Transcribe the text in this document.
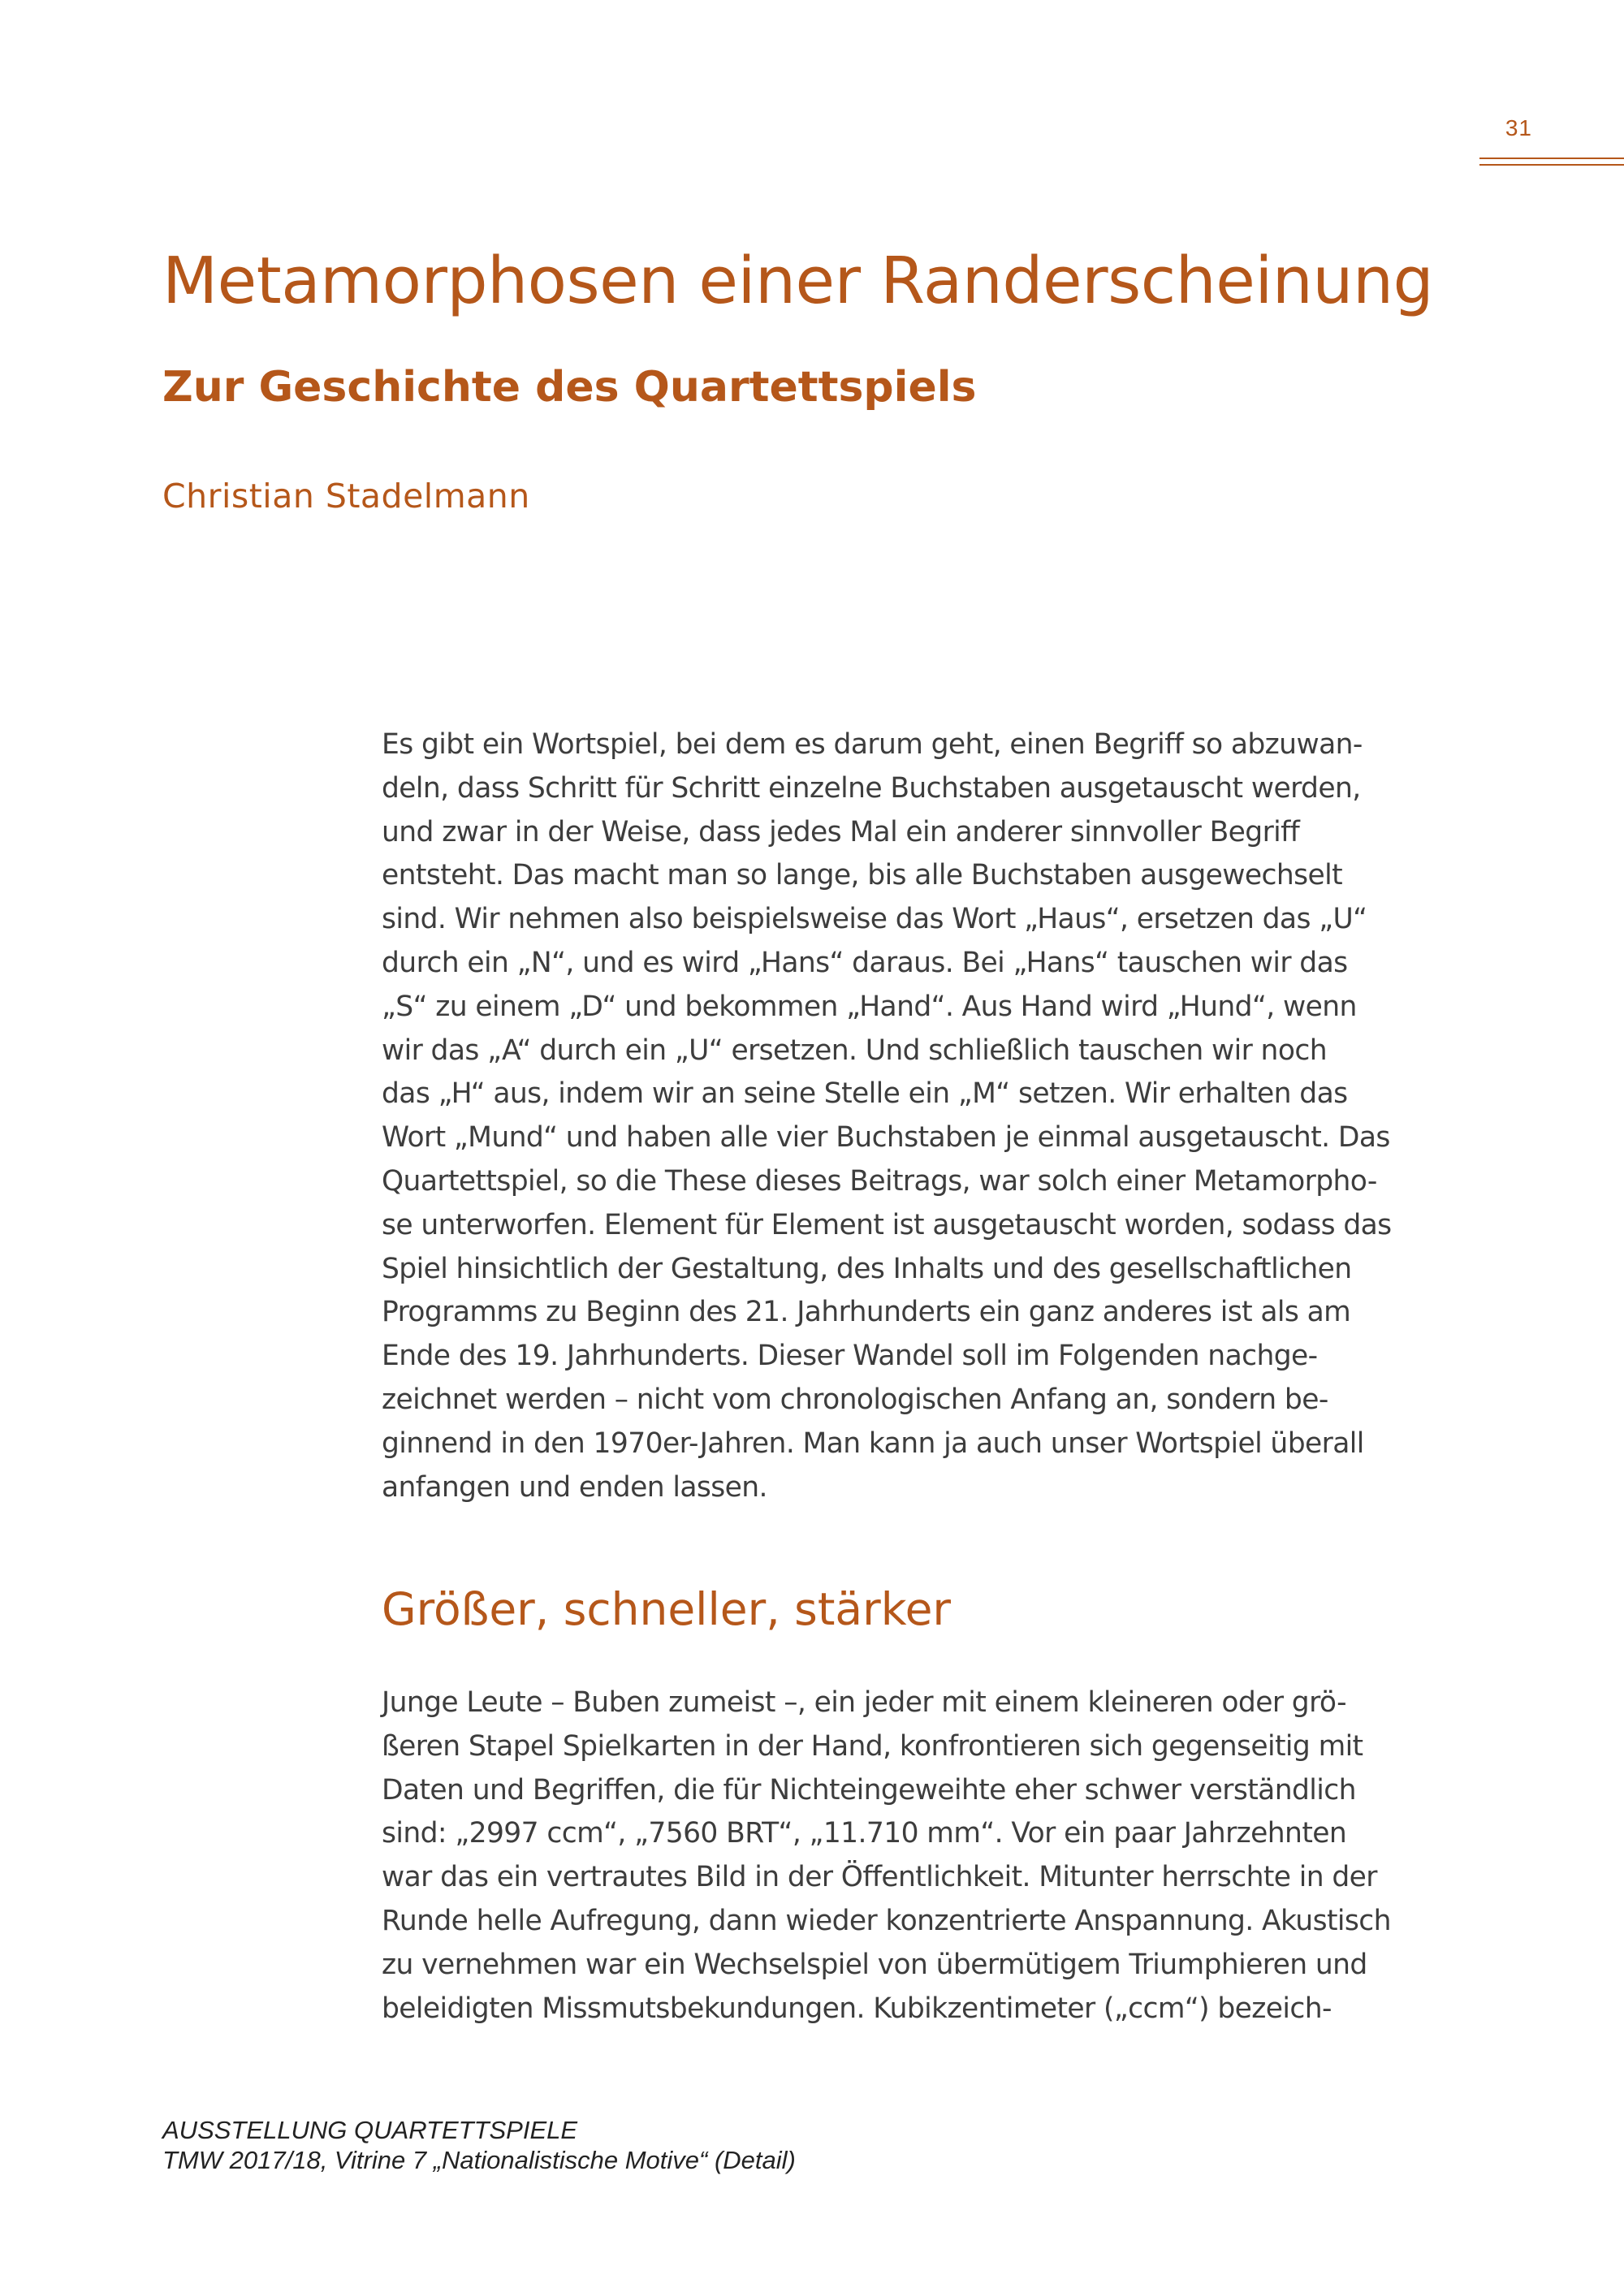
31
Metamorphosen einer Randerscheinung
Zur Geschichte des Quartettspiels
Christian Stadelmann
Es gibt ein Wortspiel, bei dem es darum geht, einen Begriff so abzuwan-
deln, dass Schritt für Schritt einzelne Buchstaben ausgetauscht werden,
und zwar in der Weise, dass jedes Mal ein anderer sinnvoller Begriff
entsteht. Das macht man so lange, bis alle Buchstaben ausgewechselt
sind. Wir nehmen also beispielsweise das Wort „Haus“, ersetzen das „U“
durch ein „N“, und es wird „Hans“ daraus. Bei „Hans“ tauschen wir das
„S“ zu einem „D“ und bekommen „Hand“. Aus Hand wird „Hund“, wenn
wir das „A“ durch ein „U“ ersetzen. Und schließlich tauschen wir noch
das „H“ aus, indem wir an seine Stelle ein „M“ setzen. Wir erhalten das
Wort „Mund“ und haben alle vier Buchstaben je einmal ausgetauscht. Das
Quartettspiel, so die These dieses Beitrags, war solch einer Metamorpho-
se unterworfen. Element für Element ist ausgetauscht worden, sodass das
Spiel hinsichtlich der Gestaltung, des Inhalts und des gesellschaftlichen
Programms zu Beginn des 21. Jahrhunderts ein ganz anderes ist als am
Ende des 19. Jahrhunderts. Dieser Wandel soll im Folgenden nachge-
zeichnet werden – nicht vom chronologischen Anfang an, sondern be-
ginnend in den 1970er-Jahren. Man kann ja auch unser Wortspiel überall
anfangen und enden lassen.
Größer, schneller, stärker
Junge Leute – Buben zumeist –, ein jeder mit einem kleineren oder grö-
ßeren Stapel Spielkarten in der Hand, konfrontieren sich gegenseitig mit
Daten und Begriffen, die für Nichteingeweihte eher schwer verständlich
sind: „2997 ccm“, „7560 BRT“, „11.710 mm“. Vor ein paar Jahrzehnten
war das ein vertrautes Bild in der Öffentlichkeit. Mitunter herrschte in der
Runde helle Aufregung, dann wieder konzentrierte Anspannung. Akustisch
zu vernehmen war ein Wechselspiel von übermütigem Triumphieren und
beleidigten Missmutsbekundungen. Kubikzentimeter („ccm“) bezeich-
AUSSTELLUNG QUARTETTSPIELE
TMW 2017/18, Vitrine 7 „Nationalistische Motive“ (Detail)
